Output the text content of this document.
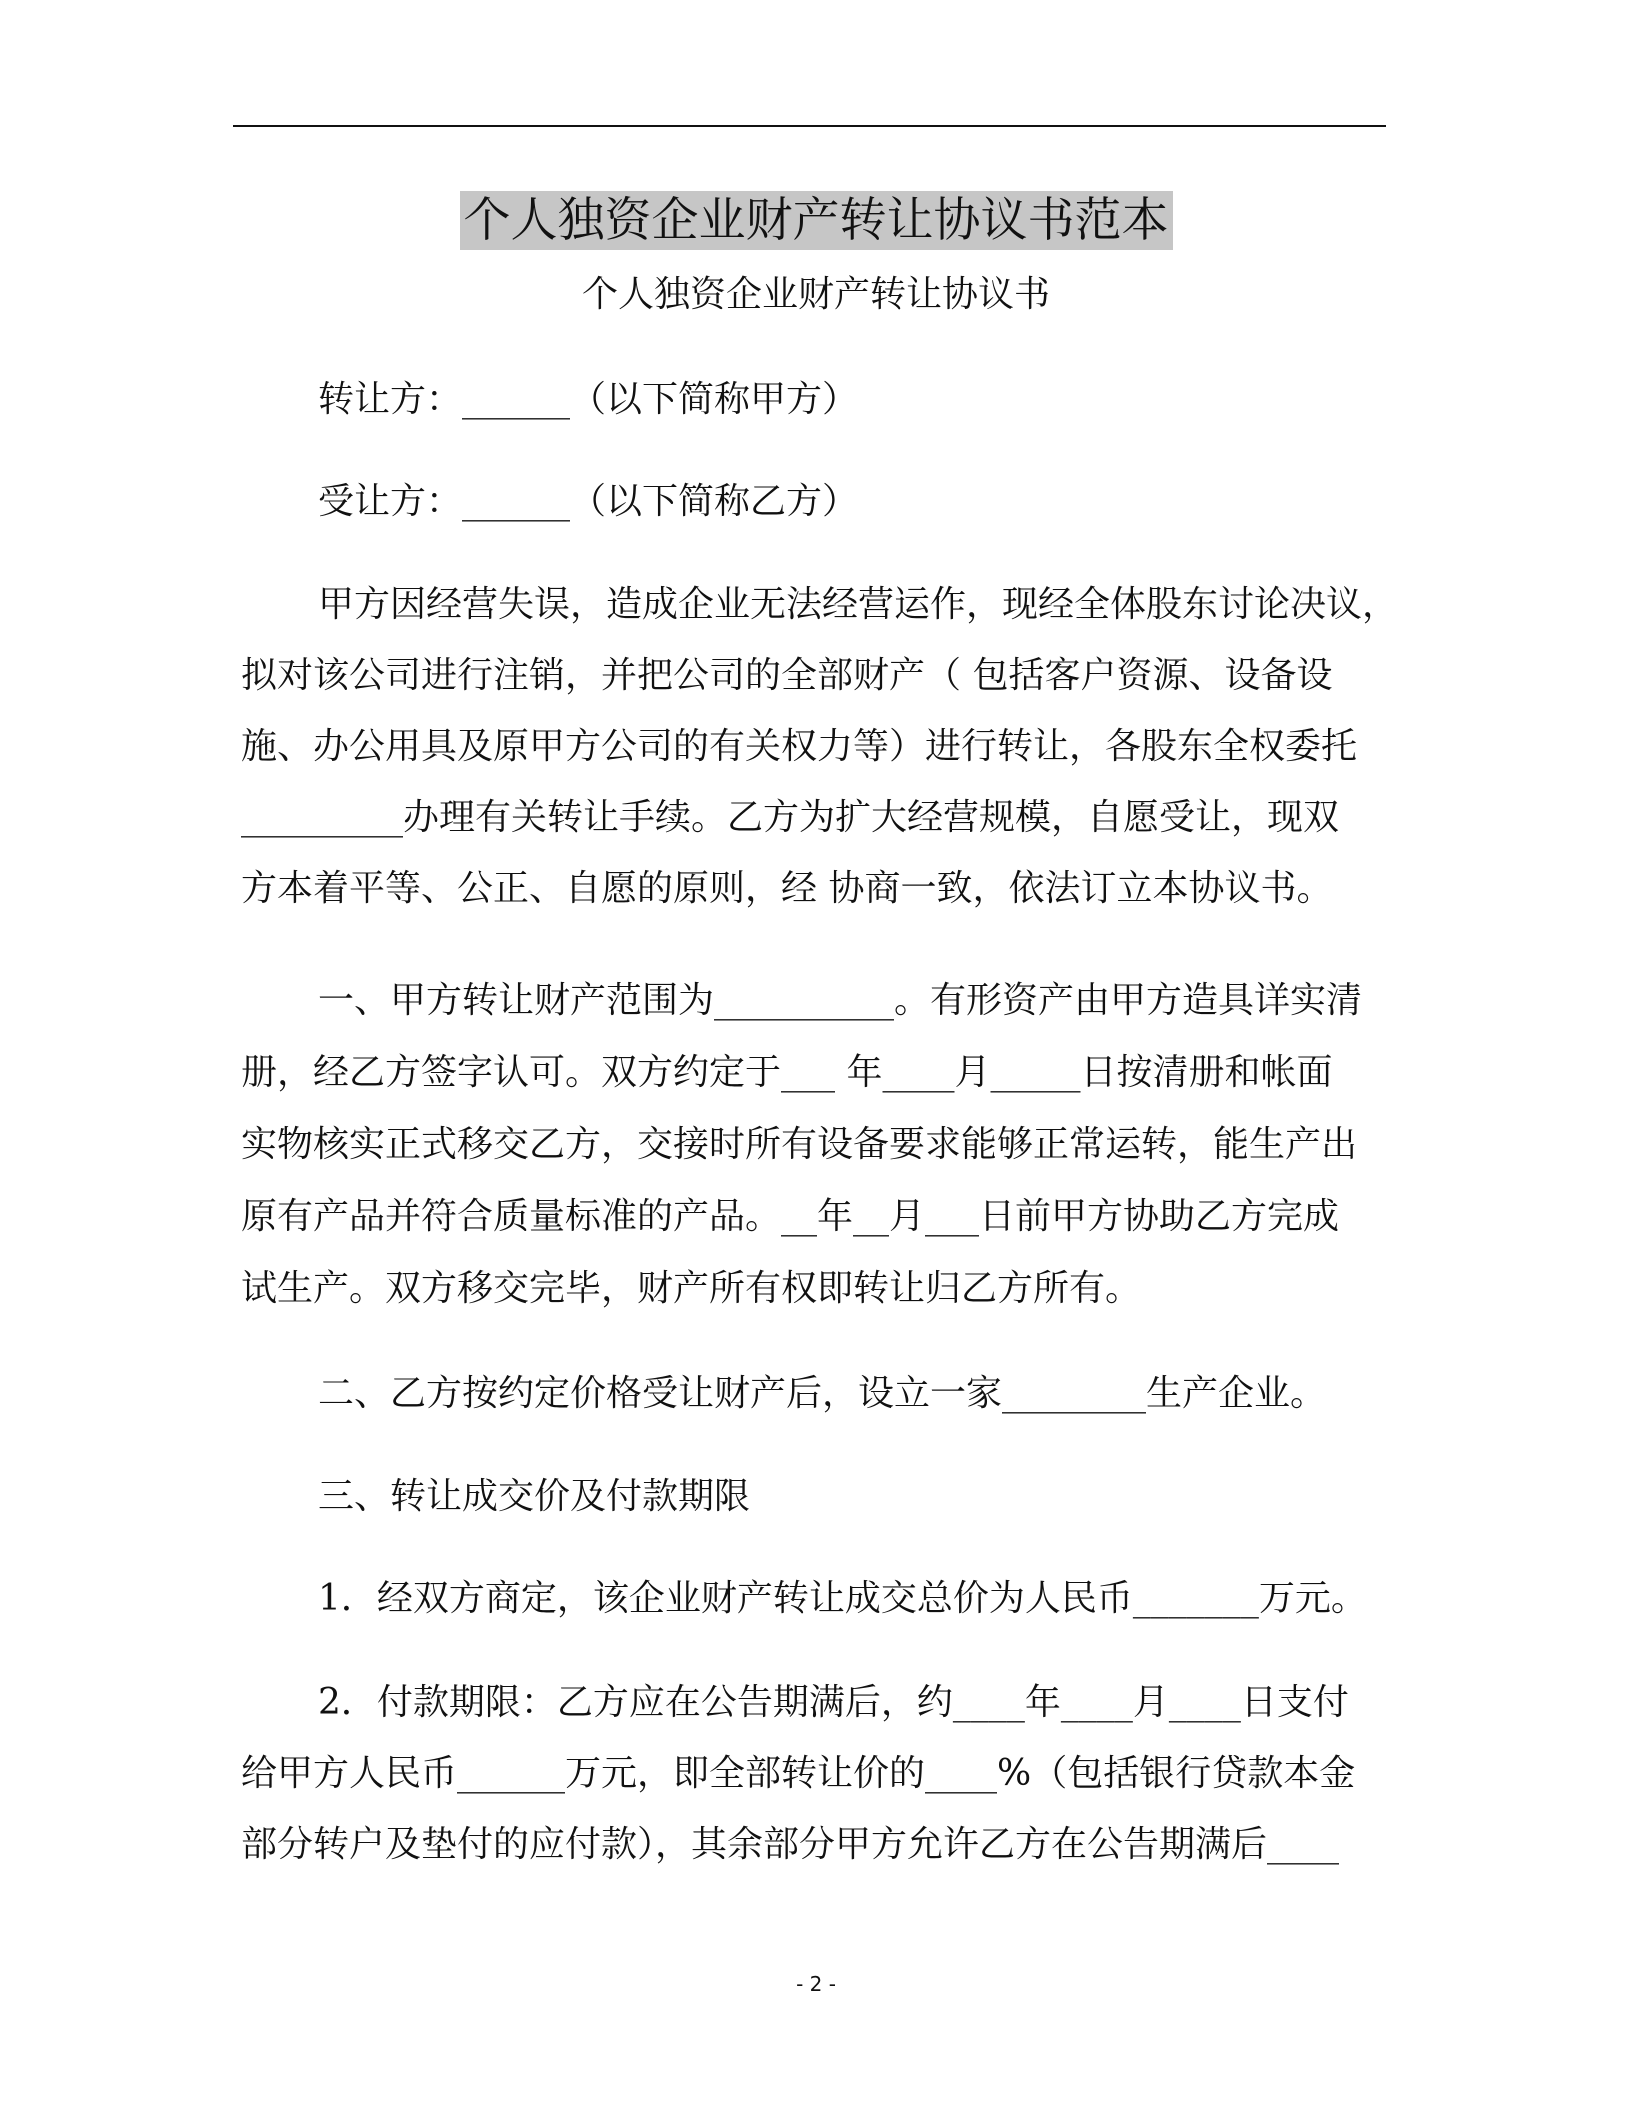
个人独资企业财产转让协议书范本
个人独资企业财产转让协议书
转让方：______（以下简称甲方）
受让方：______（以下简称乙方）
甲方因经营失误，造成企业无法经营运作，现经全体股东讨论决议，
拟对该公司进行注销，并把公司的全部财产（ 包括客户资源、设备设
施、办公用具及原甲方公司的有关权力等）进行转让，各股东全权委托
_________办理有关转让手续。乙方为扩大经营规模，自愿受让，现双
方本着平等、公正、自愿的原则，经 协商一致，依法订立本协议书。
一、甲方转让财产范围为__________。有形资产由甲方造具详实清
册，经乙方签字认可。双方约定于___ 年____月_____日按清册和帐面
实物核实正式移交乙方，交接时所有设备要求能够正常运转，能生产出
原有产品并符合质量标准的产品。__年__月___日前甲方协助乙方完成
试生产。双方移交完毕，财产所有权即转让归乙方所有。
二、乙方按约定价格受让财产后，设立一家________生产企业。
三、转让成交价及付款期限
1．经双方商定，该企业财产转让成交总价为人民币_______万元。
2．付款期限：乙方应在公告期满后，约____年____月____日支付
给甲方人民币______万元，即全部转让价的____%（包括银行贷款本金
部分转户及垫付的应付款），其余部分甲方允许乙方在公告期满后____
- 2 -
